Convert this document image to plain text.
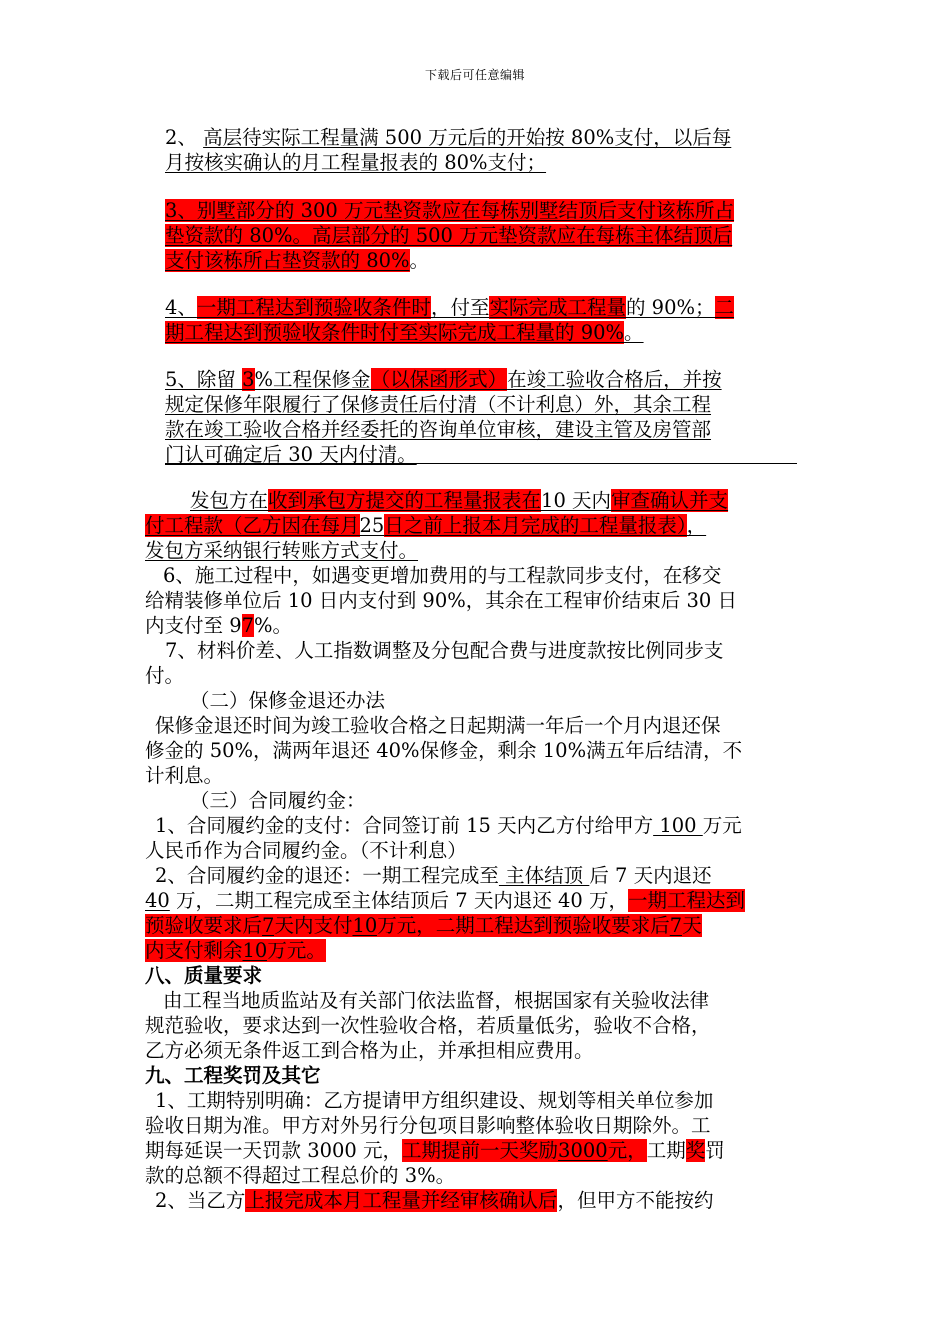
下载后可任意编辑
2、 高层待实际工程量满 500 万元后的开始按 80%支付，以后每
月按核实确认的月工程量报表的 80%支付；
3、别墅部分的 300 万元垫资款应在每栋别墅结顶后支付该栋所占
垫资款的 80%。高层部分的 500 万元垫资款应在每栋主体结顶后
支付该栋所占垫资款的 80%。
4、一期工程达到预验收条件时，付至实际完成工程量的 90%；二
期工程达到预验收条件时付至实际完成工程量的 90%。
5、除留 3%工程保修金（以保函形式）在竣工验收合格后，并按
规定保修年限履行了保修责任后付清（不计利息）外，其余工程
款在竣工验收合格并经委托的咨询单位审核，建设主管及房管部
门认可确定后 30 天内付清。
发包方在收到承包方提交的工程量报表在10 天内审查确认并支
付工程款（乙方因在每月25日之前上报本月完成的工程量报表），
发包方采纳银行转账方式支付。
6、施工过程中，如遇变更增加费用的与工程款同步支付，在移交
给精装修单位后 10 日内支付到 90%，其余在工程审价结束后 30 日
内支付至 97%。
7、材料价差、人工指数调整及分包配合费与进度款按比例同步支
付。
（二）保修金退还办法
保修金退还时间为竣工验收合格之日起期满一年后一个月内退还保
修金的 50%，满两年退还 40%保修金，剩余 10%满五年后结清，不
计利息。
（三）合同履约金：
1、合同履约金的支付：合同签订前 15 天内乙方付给甲方 100 万元
人民币作为合同履约金。（不计利息）
2、合同履约金的退还：一期工程完成至 主体结顶 后 7 天内退还
40 万，二期工程完成至主体结顶后 7 天内退还 40 万，一期工程达到
预验收要求后7天内支付10万元，二期工程达到预验收要求后7天
内支付剩余10万元。
八、质量要求
由工程当地质监站及有关部门依法监督，根据国家有关验收法律
规范验收，要求达到一次性验收合格，若质量低劣，验收不合格，
乙方必须无条件返工到合格为止，并承担相应费用。
九、工程奖罚及其它
1、工期特别明确：乙方提请甲方组织建设、规划等相关单位参加
验收日期为准。甲方对外另行分包项目影响整体验收日期除外。工
期每延误一天罚款 3000 元，工期提前一天奖励3000元，工期奖罚
款的总额不得超过工程总价的 3%。
2、当乙方上报完成本月工程量并经审核确认后，但甲方不能按约
